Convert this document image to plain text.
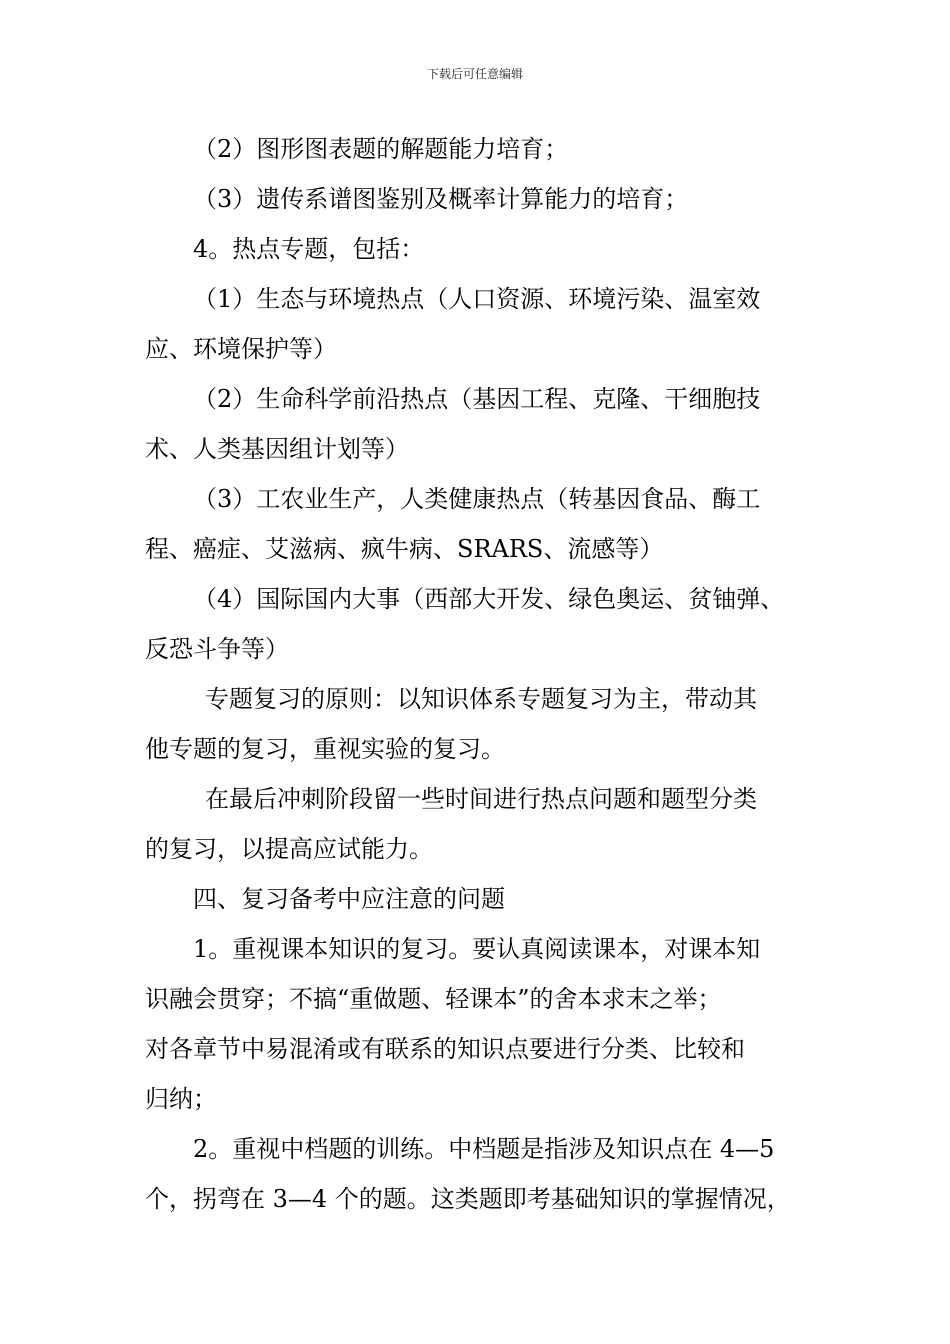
下载后可任意编辑
（2）图形图表题的解题能力培育；
（3）遗传系谱图鉴别及概率计算能力的培育；
4。热点专题，包括：
（1）生态与环境热点（人口资源、环境污染、温室效
应、环境保护等）
（2）生命科学前沿热点（基因工程、克隆、干细胞技
术、人类基因组计划等）
（3）工农业生产，人类健康热点（转基因食品、酶工
程、癌症、艾滋病、疯牛病、SRARS、流感等）
（4）国际国内大事（西部大开发、绿色奥运、贫铀弹、
反恐斗争等）
专题复习的原则：以知识体系专题复习为主，带动其
他专题的复习，重视实验的复习。
在最后冲刺阶段留一些时间进行热点问题和题型分类
的复习，以提高应试能力。
四、复习备考中应注意的问题
1。重视课本知识的复习。要认真阅读课本，对课本知
识融会贯穿；不搞“重做题、轻课本”的舍本求末之举；
对各章节中易混淆或有联系的知识点要进行分类、比较和
归纳；
2。重视中档题的训练。中档题是指涉及知识点在 4—5
个，拐弯在 3—4 个的题。这类题即考基础知识的掌握情况，
